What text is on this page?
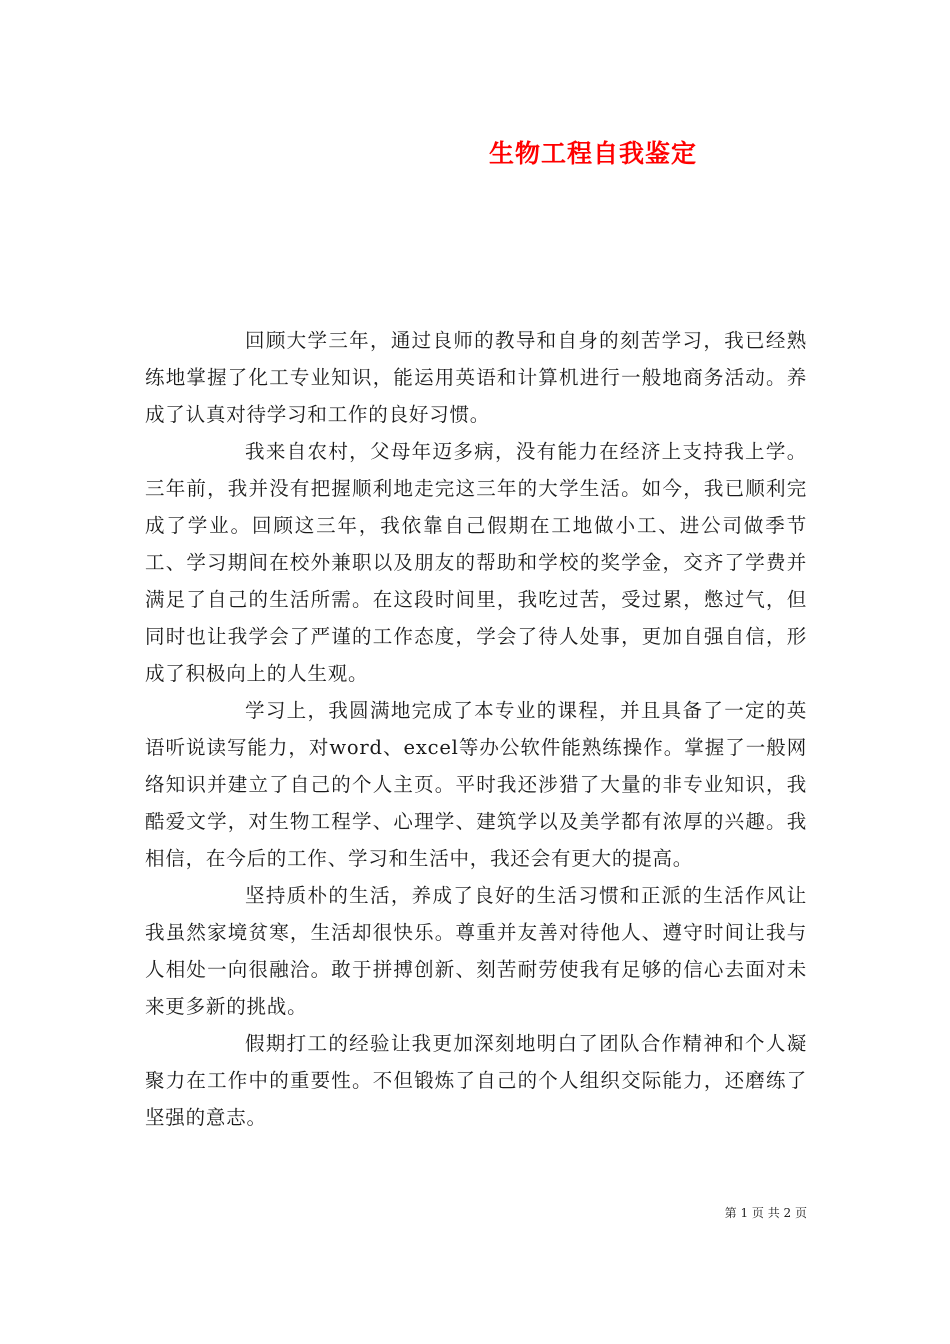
生物工程自我鉴定

回顾大学三年，通过良师的教导和自身的刻苦学习，我已经熟练地掌握了化工专业知识，能运用英语和计算机进行一般地商务活动。养成了认真对待学习和工作的良好习惯。

我来自农村，父母年迈多病，没有能力在经济上支持我上学。三年前，我并没有把握顺利地走完这三年的大学生活。如今，我已顺利完成了学业。回顾这三年，我依靠自己假期在工地做小工、进公司做季节工、学习期间在校外兼职以及朋友的帮助和学校的奖学金，交齐了学费并满足了自己的生活所需。在这段时间里，我吃过苦，受过累，憋过气，但同时也让我学会了严谨的工作态度，学会了待人处事，更加自强自信，形成了积极向上的人生观。

学习上，我圆满地完成了本专业的课程，并且具备了一定的英语听说读写能力，对word、excel等办公软件能熟练操作。掌握了一般网络知识并建立了自己的个人主页。平时我还涉猎了大量的非专业知识，我酷爱文学，对生物工程学、心理学、建筑学以及美学都有浓厚的兴趣。我相信，在今后的工作、学习和生活中，我还会有更大的提高。

坚持质朴的生活，养成了良好的生活习惯和正派的生活作风让我虽然家境贫寒，生活却很快乐。尊重并友善对待他人、遵守时间让我与人相处一向很融洽。敢于拼搏创新、刻苦耐劳使我有足够的信心去面对未来更多新的挑战。

假期打工的经验让我更加深刻地明白了团队合作精神和个人凝聚力在工作中的重要性。不但锻炼了自己的个人组织交际能力，还磨练了坚强的意志。

第 1 页 共 2 页
